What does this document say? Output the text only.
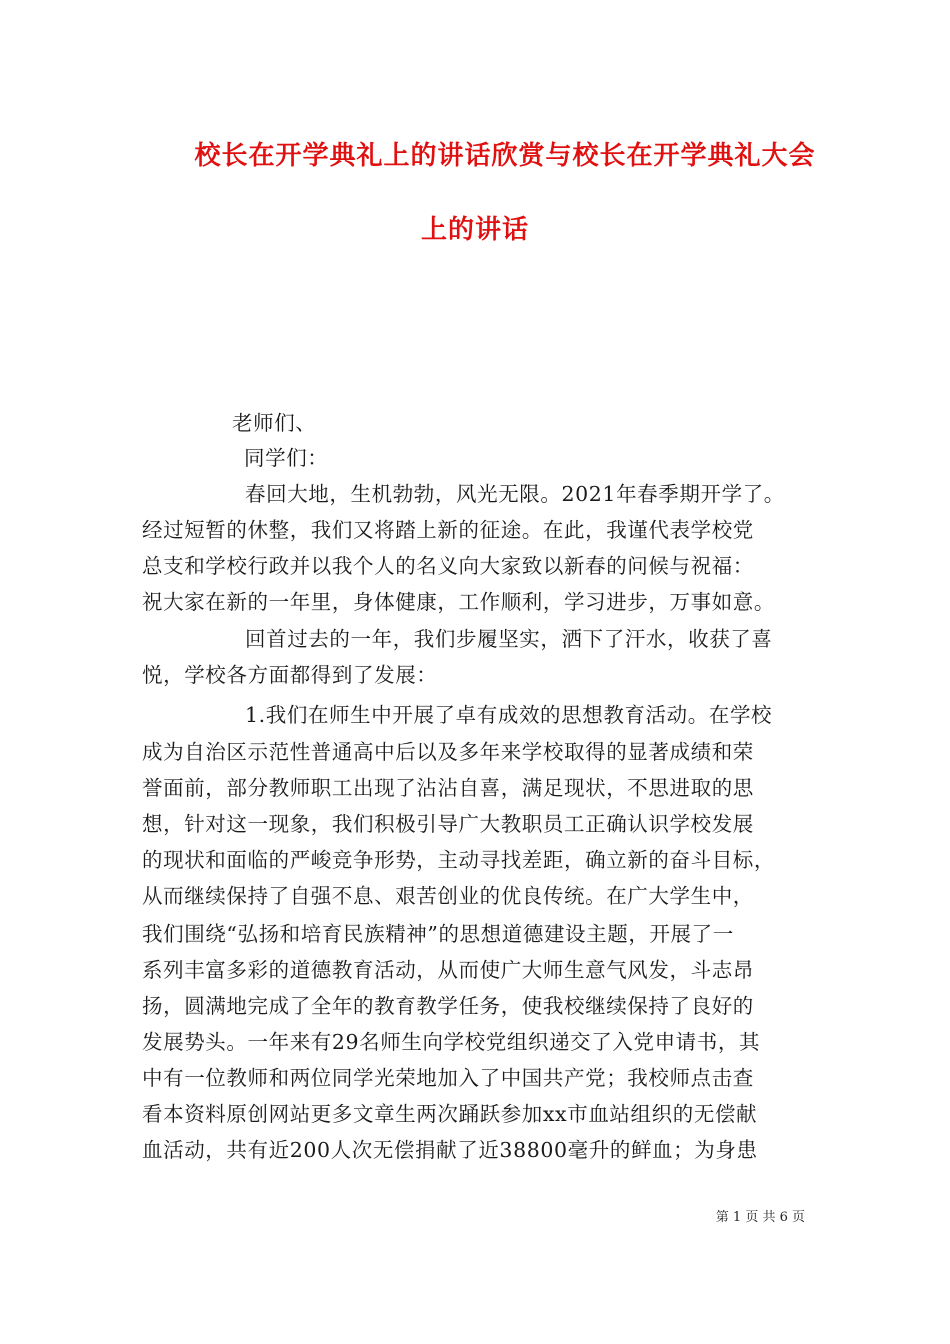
校长在开学典礼上的讲话欣赏与校长在开学典礼大会
上的讲话
老师们、
同学们：
春回大地，生机勃勃，风光无限。2021年春季期开学了。
经过短暂的休整，我们又将踏上新的征途。在此，我谨代表学校党
总支和学校行政并以我个人的名义向大家致以新春的问候与祝福：
祝大家在新的一年里，身体健康，工作顺利，学习进步，万事如意。
回首过去的一年，我们步履坚实，洒下了汗水，收获了喜
悦，学校各方面都得到了发展：
1.我们在师生中开展了卓有成效的思想教育活动。在学校
成为自治区示范性普通高中后以及多年来学校取得的显著成绩和荣
誉面前，部分教师职工出现了沾沾自喜，满足现状，不思进取的思
想，针对这一现象，我们积极引导广大教职员工正确认识学校发展
的现状和面临的严峻竞争形势，主动寻找差距，确立新的奋斗目标，
从而继续保持了自强不息、艰苦创业的优良传统。在广大学生中，
我们围绕“弘扬和培育民族精神”的思想道德建设主题，开展了一
系列丰富多彩的道德教育活动，从而使广大师生意气风发，斗志昂
扬，圆满地完成了全年的教育教学任务，使我校继续保持了良好的
发展势头。一年来有29名师生向学校党组织递交了入党申请书，其
中有一位教师和两位同学光荣地加入了中国共产党；我校师点击查
看本资料原创网站更多文章生两次踊跃参加xx市血站组织的无偿献
血活动，共有近200人次无偿捐献了近38800毫升的鲜血；为身患
第 1 页 共 6 页
